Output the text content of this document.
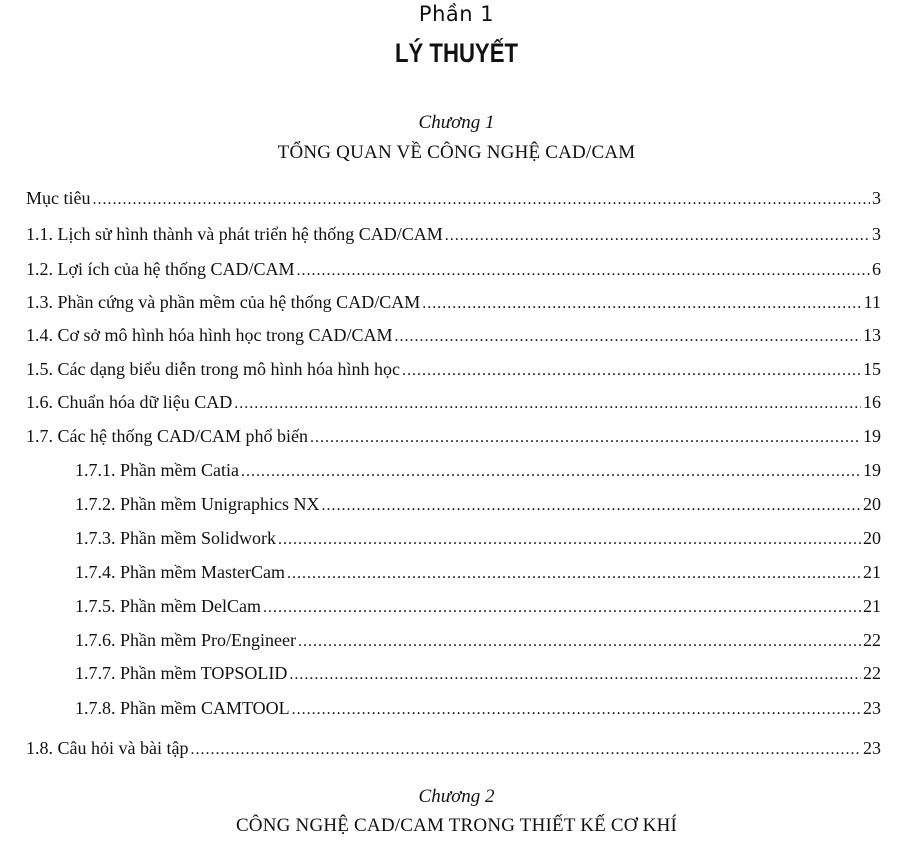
Phần 1
LÝ THUYẾT
Chương 1
TỔNG QUAN VỀ CÔNG NGHỆ CAD/CAM
Mục tiêu .....	3
1.1. Lịch sử hình thành và phát triển hệ thống CAD/CAM .....	3
1.2. Lợi ích của hệ thống CAD/CAM .....	6
1.3. Phần cứng và phần mềm của hệ thống CAD/CAM .....	11
1.4. Cơ sở mô hình hóa hình học trong CAD/CAM .....	13
1.5. Các dạng biểu diễn trong mô hình hóa hình học .....	15
1.6. Chuẩn hóa dữ liệu CAD .....	16
1.7. Các hệ thống CAD/CAM phổ biến .....	19
1.7.1. Phần mềm Catia .....	19
1.7.2. Phần mềm Unigraphics NX .....	20
1.7.3. Phần mềm Solidwork .....	20
1.7.4. Phần mềm MasterCam .....	21
1.7.5. Phần mềm DelCam .....	21
1.7.6. Phần mềm Pro/Engineer .....	22
1.7.7. Phần mềm TOPSOLID .....	22
1.7.8. Phần mềm CAMTOOL .....	23
1.8. Câu hỏi và bài tập .....	23
Chương 2
CÔNG NGHỆ CAD/CAM TRONG THIẾT KẾ CƠ KHÍ
